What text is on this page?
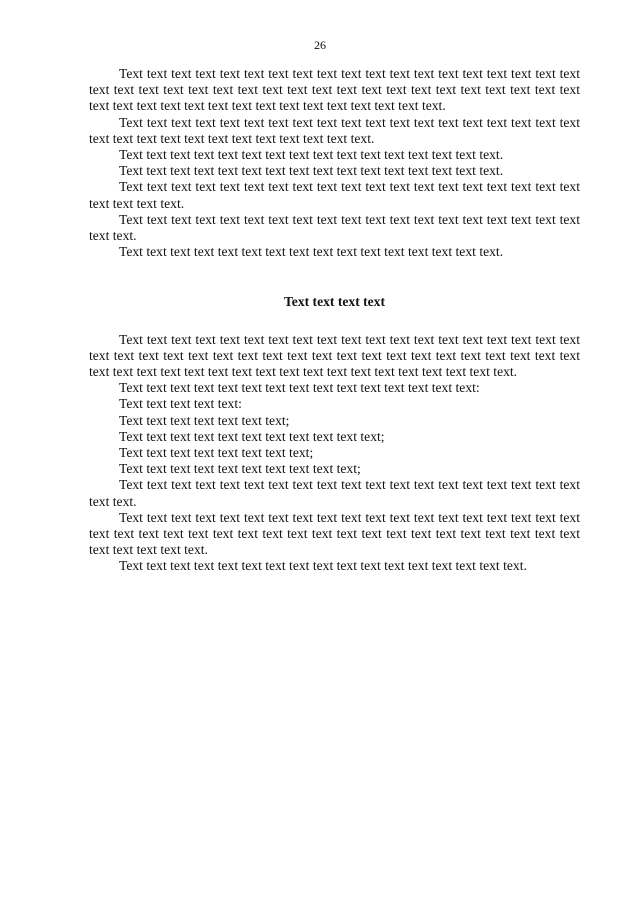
26

Text text text text text text text text text text text text text text text text text text text text text text text text text text text text text text text text text text text text text text text text text text text text text text text text text text text text text text.

Text text text text text text text text text text text text text text text text text text text text text text text text text text text text text text text.

Text text text text text text text text text text text text text text text text.

Text text text text text text text text text text text text text text text text.

Text text text text text text text text text text text text text text text text text text text text text text text.

Text text text text text text text text text text text text text text text text text text text text text.

Text text text text text text text text text text text text text text text text.

Text text text text

Text text text text text text text text text text text text text text text text text text text text text text text text text text text text text text text text text text text text text text text text text text text text text text text text text text text text text text text text text.

Text text text text text text text text text text text text text text text:

Text text text text text:

Text text text text text text text;

Text text text text text text text text text text text;

Text text text text text text text text;

Text text text text text text text text text text;

Text text text text text text text text text text text text text text text text text text text text text.

Text text text text text text text text text text text text text text text text text text text text text text text text text text text text text text text text text text text text text text text text text text text text.

Text text text text text text text text text text text text text text text text text.
